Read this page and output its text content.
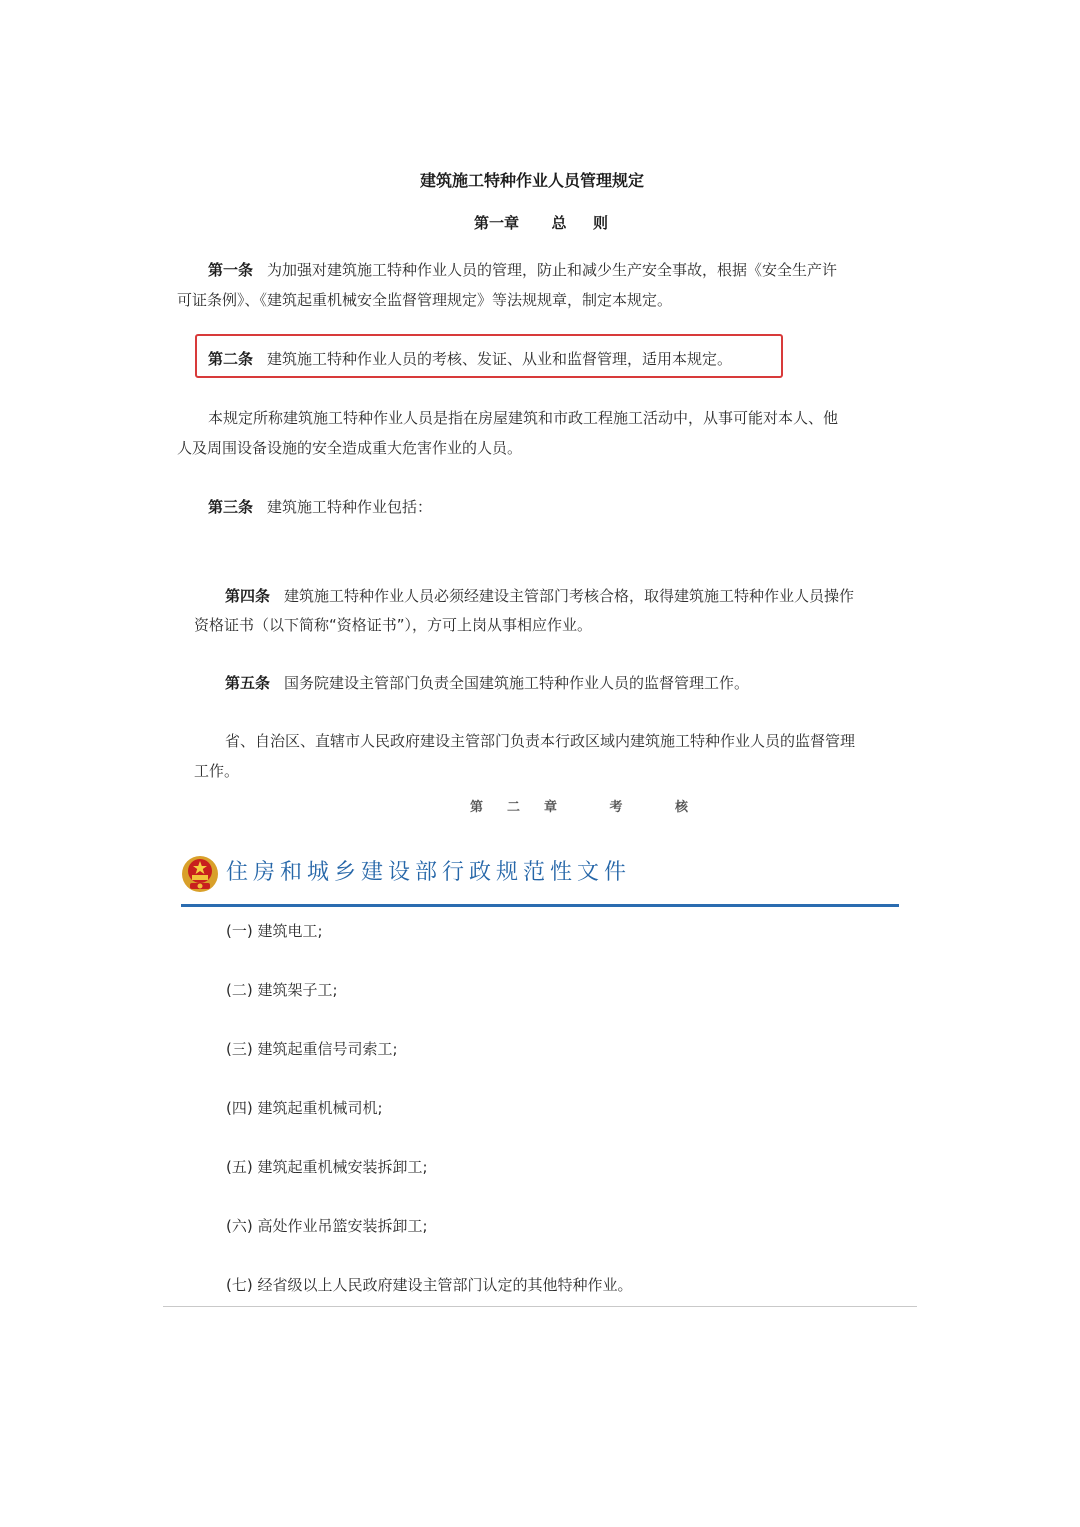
建筑施工特种作业人员管理规定
第一章 总 则
第一条 为加强对建筑施工特种作业人员的管理，防止和减少生产安全事故，根据《安全生产许
可证条例》、《建筑起重机械安全监督管理规定》等法规规章，制定本规定。
第二条 建筑施工特种作业人员的考核、发证、从业和监督管理，适用本规定。
本规定所称建筑施工特种作业人员是指在房屋建筑和市政工程施工活动中，从事可能对本人、他
人及周围设备设施的安全造成重大危害作业的人员。
第三条 建筑施工特种作业包括：
第四条 建筑施工特种作业人员必须经建设主管部门考核合格，取得建筑施工特种作业人员操作
资格证书（以下简称“资格证书”），方可上岗从事相应作业。
第五条 国务院建设主管部门负责全国建筑施工特种作业人员的监督管理工作。
省、自治区、直辖市人民政府建设主管部门负责本行政区域内建筑施工特种作业人员的监督管理
工作。
第二章 考 核
住房和城乡建设部行政规范性文件
(一) 建筑电工;
(二) 建筑架子工;
(三) 建筑起重信号司索工;
(四) 建筑起重机械司机;
(五) 建筑起重机械安装拆卸工;
(六) 高处作业吊篮安装拆卸工;
(七) 经省级以上人民政府建设主管部门认定的其他特种作业。
